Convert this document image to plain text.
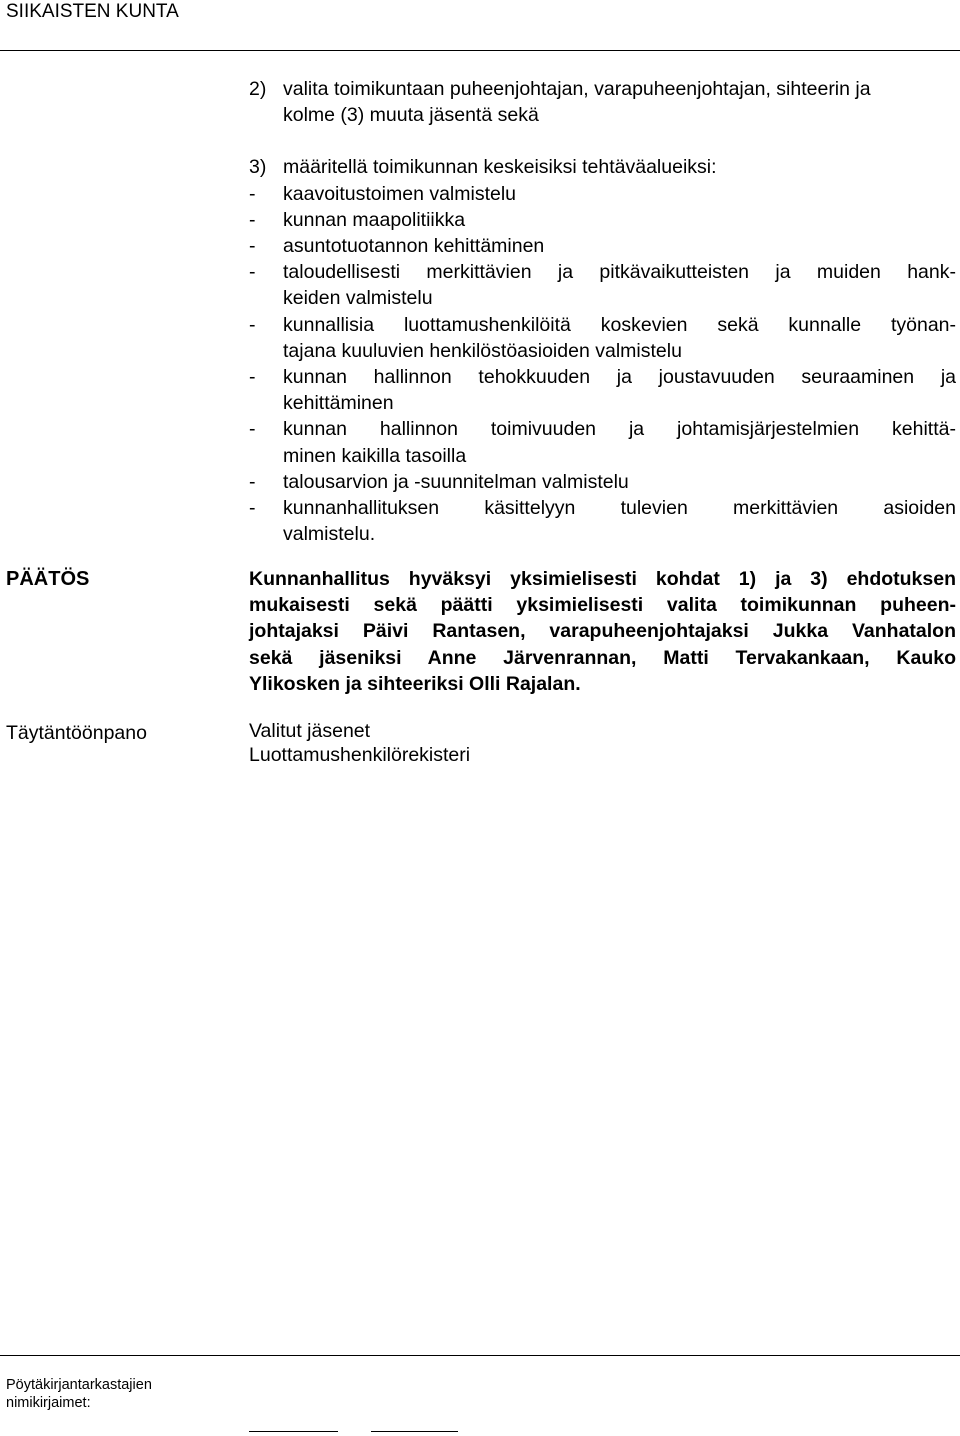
SIIKAISTEN KUNTA
2) valita toimikuntaan puheenjohtajan, varapuheenjohtajan, sihteerin ja
kolme (3) muuta jäsentä sekä
3) määritellä toimikunnan keskeisiksi tehtäväalueiksi:
-	kaavoitustoimen valmistelu
-	kunnan maapolitiikka
-	asuntotuotannon kehittäminen
-	taloudellisesti merkittävien ja pitkävaikutteisten ja muiden hank-
keiden valmistelu
-	kunnallisia luottamushenkilöitä koskevien sekä kunnalle työnan-
tajana kuuluvien henkilöstöasioiden valmistelu
-	kunnan hallinnon tehokkuuden ja joustavuuden seuraaminen ja
kehittäminen
-	kunnan hallinnon toimivuuden ja johtamisjärjestelmien kehittä-
minen kaikilla tasoilla
-	talousarvion ja -suunnitelman valmistelu
-	kunnanhallituksen käsittelyyn tulevien merkittävien asioiden
valmistelu.
PÄÄTÖS	Kunnanhallitus hyväksyi yksimielisesti kohdat 1) ja 3) ehdotuksen
mukaisesti sekä päätti yksimielisesti valita toimikunnan puheen-
johtajaksi Päivi Rantasen, varapuheenjohtajaksi Jukka Vanhatalon
sekä jäseniksi Anne Järvenrannan, Matti Tervakankaan, Kauko
Ylikosken ja sihteeriksi Olli Rajalan.
Täytäntöönpano	Valitut jäsenet
Luottamushenkilörekisteri
Pöytäkirjantarkastajien
nimikirjaimet:
